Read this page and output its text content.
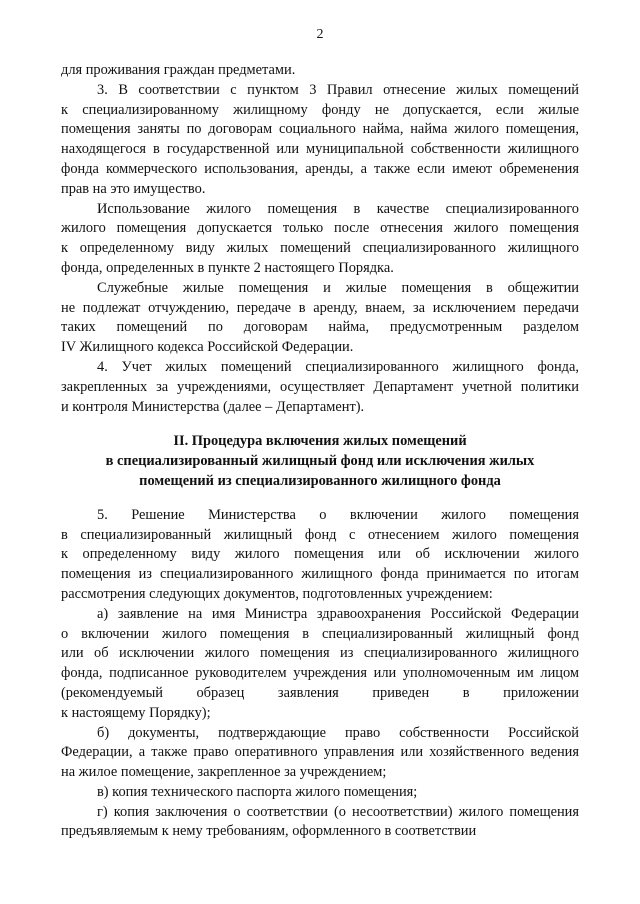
2
для проживания граждан предметами.
3. В соответствии с пунктом 3 Правил отнесение жилых помещений
к специализированному жилищному фонду не допускается, если жилые
помещения заняты по договорам социального найма, найма жилого помещения,
находящегося в государственной или муниципальной собственности жилищного
фонда коммерческого использования, аренды, а также если имеют обременения
прав на это имущество.
Использование жилого помещения в качестве специализированного
жилого помещения допускается только после отнесения жилого помещения
к определенному виду жилых помещений специализированного жилищного
фонда, определенных в пункте 2 настоящего Порядка.
Служебные жилые помещения и жилые помещения в общежитии
не подлежат отчуждению, передаче в аренду, внаем, за исключением передачи
таких помещений по договорам найма, предусмотренным разделом
IV Жилищного кодекса Российской Федерации.
4. Учет жилых помещений специализированного жилищного фонда,
закрепленных за учреждениями, осуществляет Департамент учетной политики
и контроля Министерства (далее – Департамент).
II. Процедура включения жилых помещений
в специализированный жилищный фонд или исключения жилых
помещений из специализированного жилищного фонда
5. Решение Министерства о включении жилого помещения
в специализированный жилищный фонд с отнесением жилого помещения
к определенному виду жилого помещения или об исключении жилого
помещения из специализированного жилищного фонда принимается по итогам
рассмотрения следующих документов, подготовленных учреждением:
а) заявление на имя Министра здравоохранения Российской Федерации
о включении жилого помещения в специализированный жилищный фонд
или об исключении жилого помещения из специализированного жилищного
фонда, подписанное руководителем учреждения или уполномоченным им лицом
(рекомендуемый образец заявления приведен в приложении
к настоящему Порядку);
б) документы, подтверждающие право собственности Российской
Федерации, а также право оперативного управления или хозяйственного ведения
на жилое помещение, закрепленное за учреждением;
в) копия технического паспорта жилого помещения;
г) копия заключения о соответствии (о несоответствии) жилого помещения
предъявляемым к нему требованиям, оформленного в соответствии
